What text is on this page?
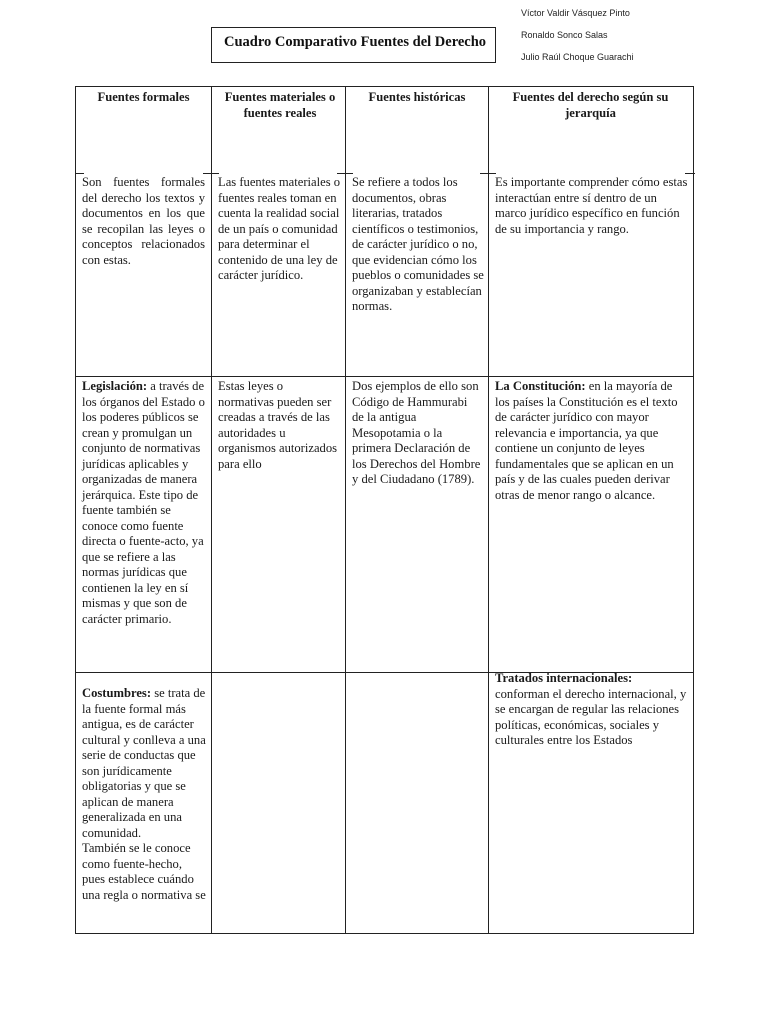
Víctor Valdir Vásquez Pinto
Ronaldo Sonco Salas
Julio Raúl Choque Guarachi
Cuadro Comparativo Fuentes del Derecho
Fuentes formales	Fuentes materiales o fuentes reales
Fuentes históricas	Fuentes del derecho según su jerarquía
Son fuentes formales del derecho los textos y documentos en los que se recopilan las leyes o conceptos relacionados con estas.
Las fuentes materiales o fuentes reales toman en cuenta la realidad social de un país o comunidad para determinar el contenido de una ley de carácter jurídico.
Se refiere a todos los documentos, obras literarias, tratados científicos o testimonios, de carácter jurídico o no, que evidencian cómo los pueblos o comunidades se organizaban y establecían normas.
Es importante comprender cómo estas interactúan entre sí dentro de un marco jurídico específico en función de su importancia y rango.
Legislación: a través de los órganos del Estado o los poderes públicos se crean y promulgan un conjunto de normativas jurídicas aplicables y organizadas de manera jerárquica. Este tipo de fuente también se conoce como fuente directa o fuente-acto, ya que se refiere a las normas jurídicas que contienen la ley en sí mismas y que son de carácter primario.
Estas leyes o normativas pueden ser creadas a través de las autoridades u organismos autorizados para ello
Dos ejemplos de ello son Código de Hammurabi de la antigua Mesopotamia o la primera Declaración de los Derechos del Hombre y del Ciudadano (1789).
La Constitución: en la mayoría de los países la Constitución es el texto de carácter jurídico con mayor relevancia e importancia, ya que contiene un conjunto de leyes fundamentales que se aplican en un país y de las cuales pueden derivar otras de menor rango o alcance.
Costumbres: se trata de la fuente formal más antigua, es de carácter cultural y conlleva a una serie de conductas que son jurídicamente obligatorias y que se aplican de manera generalizada en una comunidad.
También se le conoce como fuente-hecho, pues establece cuándo una regla o normativa se
Tratados internacionales: conforman el derecho internacional, y se encargan de regular las relaciones políticas, económicas, sociales y culturales entre los Estados
